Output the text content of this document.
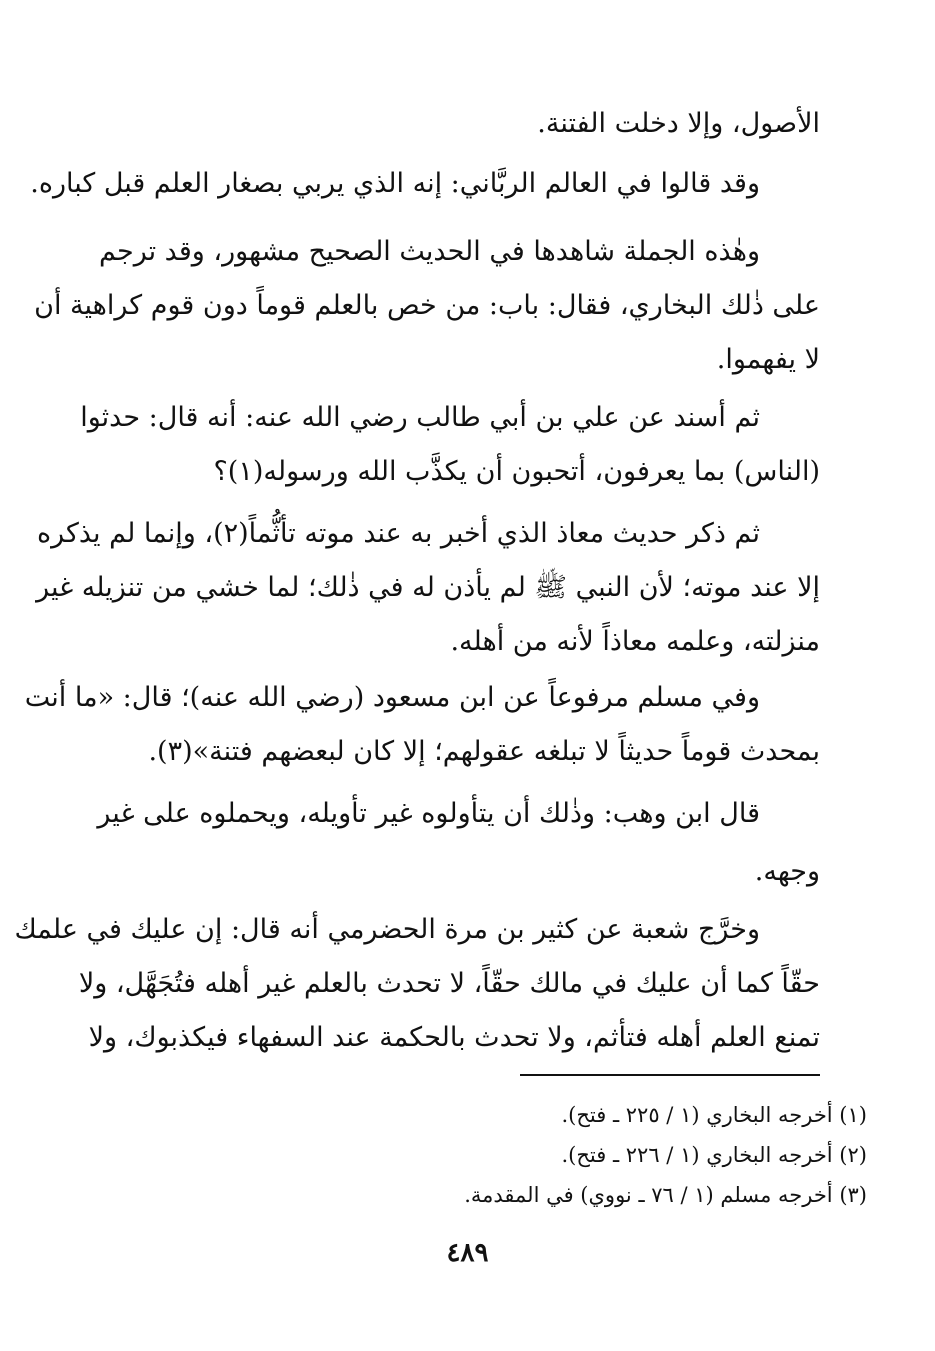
الأصول، وإلا دخلت الفتنة.
وقد قالوا في العالم الربَّاني: إنه الذي يربي بصغار العلم قبل كباره.
وهٰذه الجملة شاهدها في الحديث الصحيح مشهور، وقد ترجم
على ذٰلك البخاري، فقال: باب: من خص بالعلم قوماً دون قوم كراهية أن
لا يفهموا.
ثم أسند عن علي بن أبي طالب رضي الله عنه: أنه قال: حدثوا
(الناس) بما يعرفون، أتحبون أن يكذَّب الله ورسوله(١)؟
ثم ذكر حديث معاذ الذي أخبر به عند موته تأثُّماً(٢)، وإنما لم يذكره
إلا عند موته؛ لأن النبي ﷺ لم يأذن له في ذٰلك؛ لما خشي من تنزيله غير
منزلته، وعلمه معاذاً لأنه من أهله.
وفي مسلم مرفوعاً عن ابن مسعود (رضي الله عنه)؛ قال: «ما أنت
بمحدث قوماً حديثاً لا تبلغه عقولهم؛ إلا كان لبعضهم فتنة»(٣).
قال ابن وهب: وذٰلك أن يتأولوه غير تأويله، ويحملوه على غير
وجهه.
وخرَّج شعبة عن كثير بن مرة الحضرمي أنه قال: إن عليك في علمك
حقّاً كما أن عليك في مالك حقّاً، لا تحدث بالعلم غير أهله فتُجَهَّل، ولا
تمنع العلم أهله فتأثم، ولا تحدث بالحكمة عند السفهاء فيكذبوك، ولا
(١) أخرجه البخاري (١ / ٢٢٥ ـ فتح).
(٢) أخرجه البخاري (١ / ٢٢٦ ـ فتح).
(٣) أخرجه مسلم (١ / ٧٦ ـ نووي) في المقدمة.
٤٨٩
